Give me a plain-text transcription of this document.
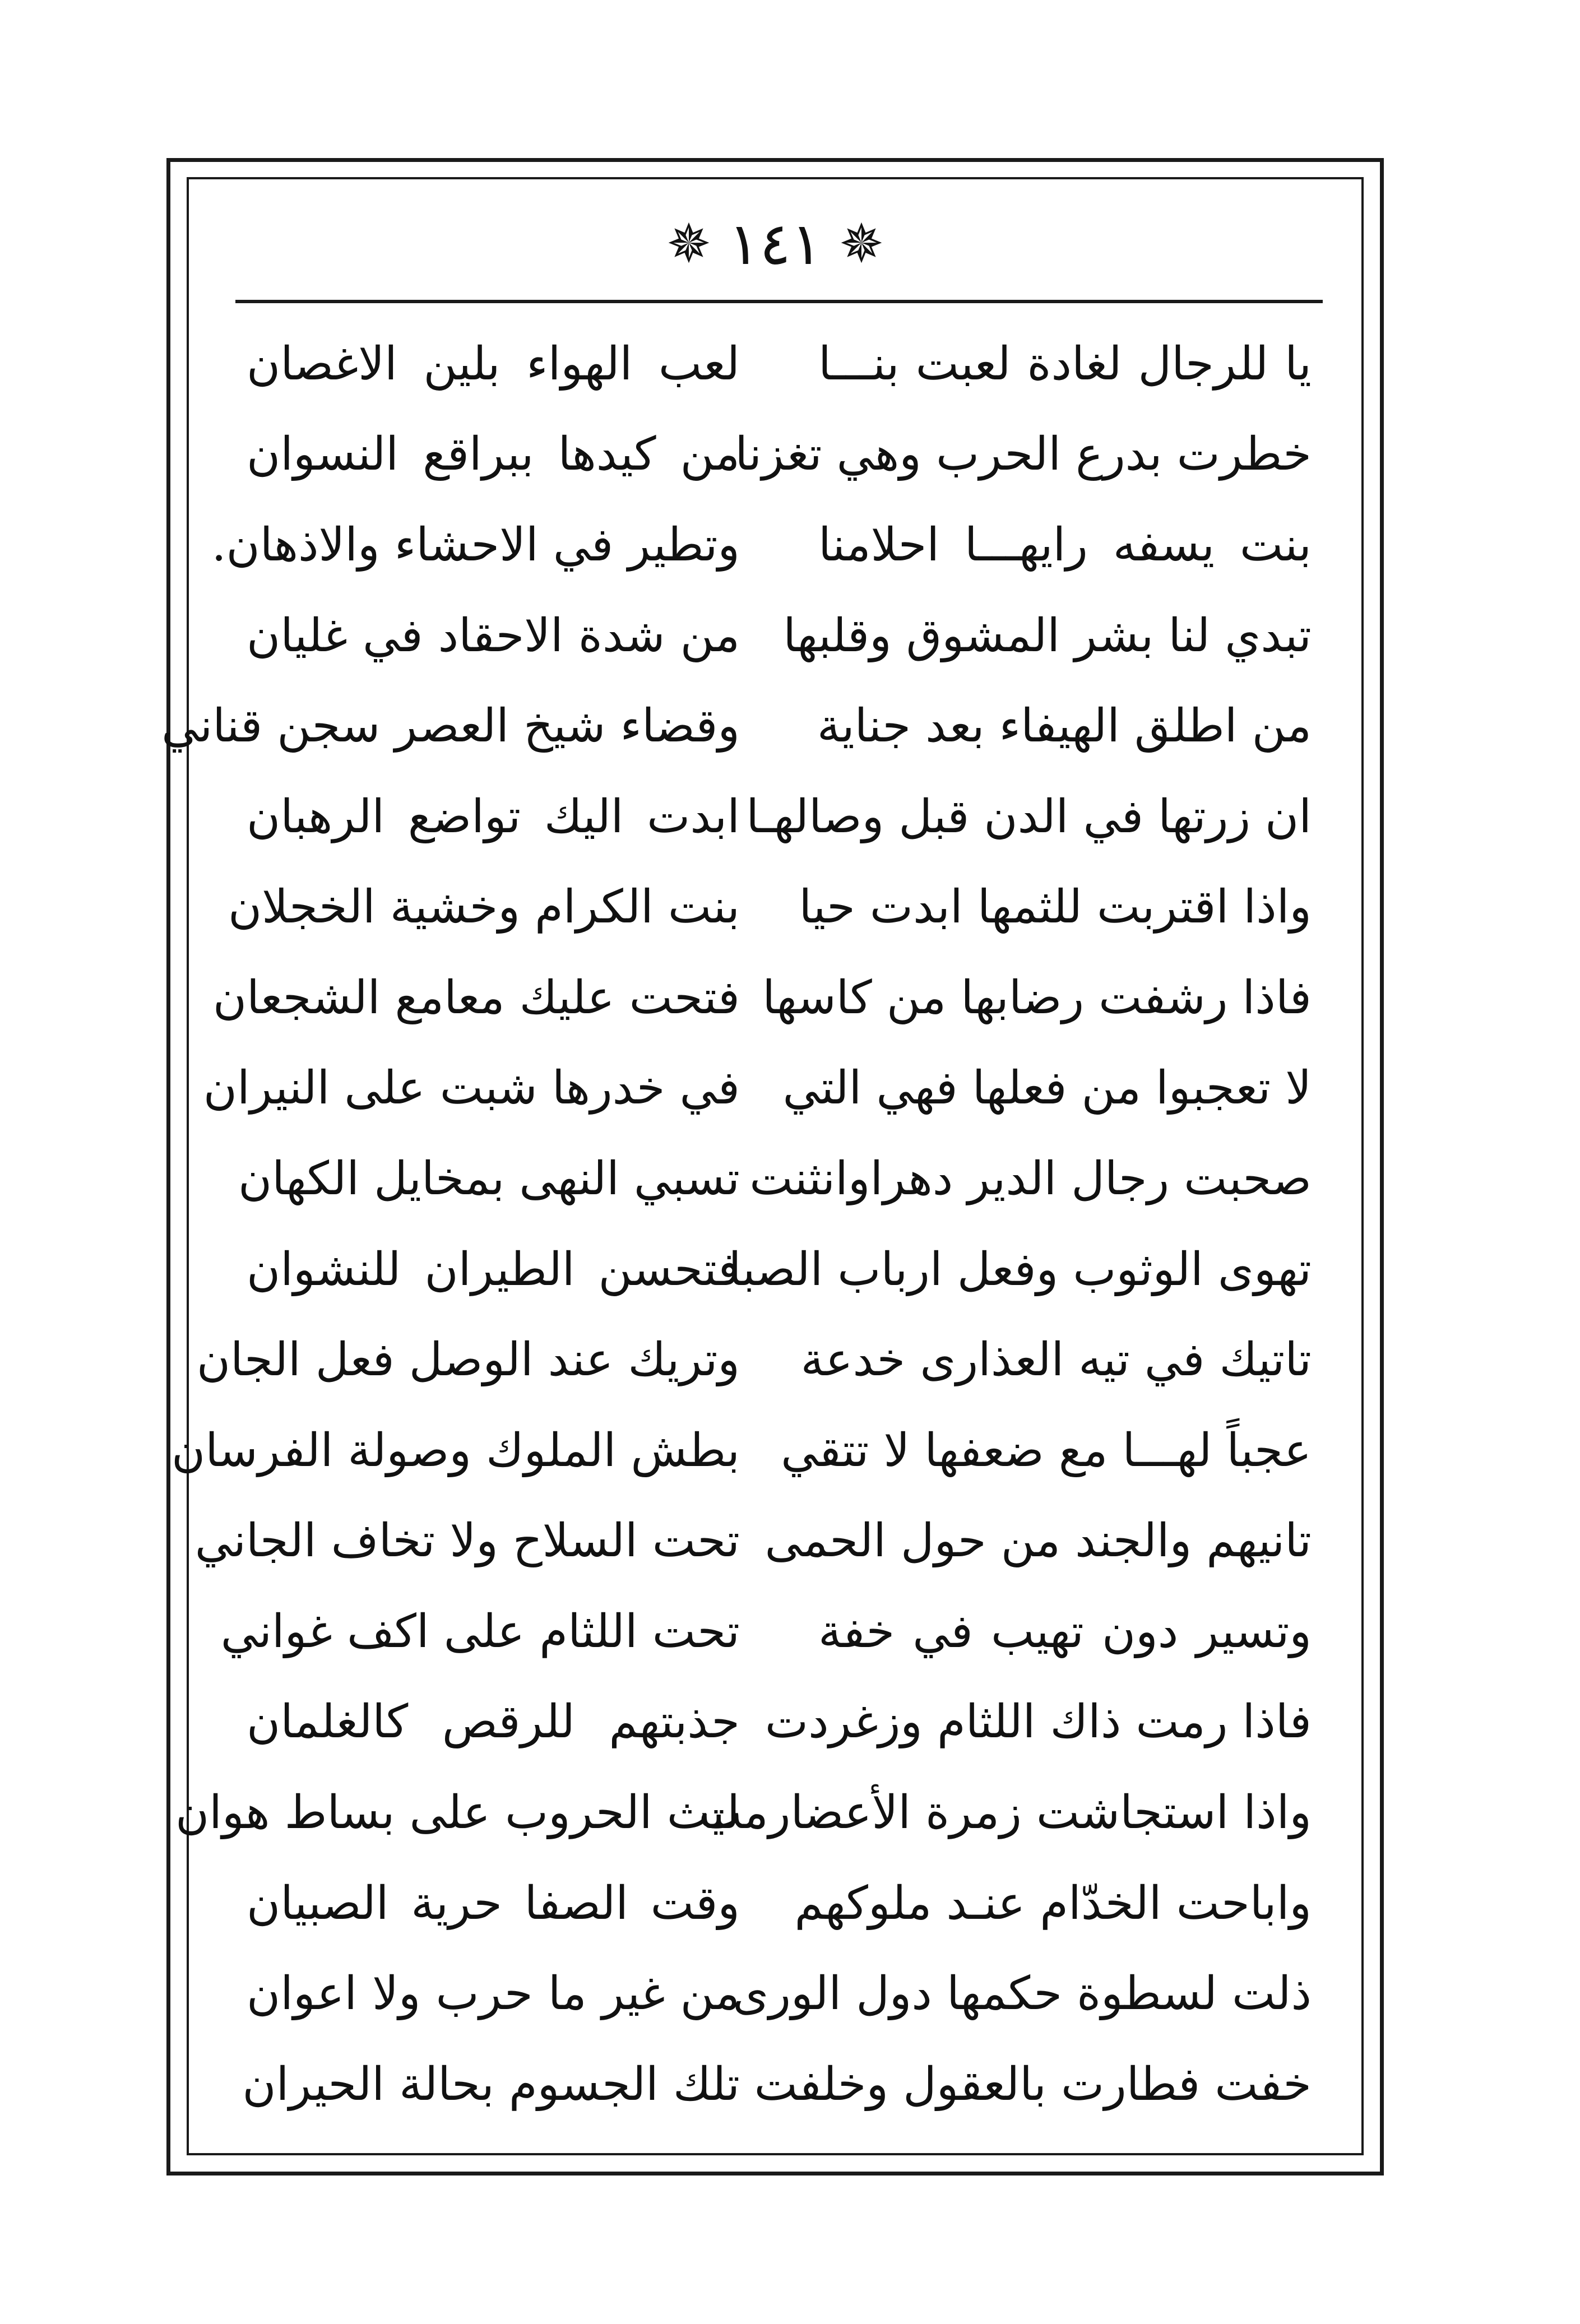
✵
١٤١
✵
يا للرجال لغادة لعبت بنـــا
لعب الهواء بلين الاغصان
خطرت بدرع الحرب وهي تغزنا
من كيدها ببراقع النسوان
بنت يسفه رايهـــا احلامنا
وتطير في الاحشاء والاذهان.
تبدي لنا بشر المشوق وقلبها
من شدة الاحقاد في غليان
من اطلق الهيفاء بعد جناية
وقضاء شيخ العصر سجن قناني
ان زرتها في الدن قبل وصالهـا
ابدت اليك تواضع الرهبان
واذا اقتربت للثمها ابدت حيا
بنت الكرام وخشية الخجلان
فاذا رشفت رضابها من كاسها
فتحت عليك معامع الشجعان
لا تعجبوا من فعلها فهي التي
في خدرها شبت على النيران
صحبت رجال الدير دهراوانثنت
تسبي النهى بمخايل الكهان
تهوى الوثوب وفعل ارباب الصبا
فتحسن الطيران للنشوان
تاتيك في تيه العذارى خدعة
وتريك عند الوصل فعل الجان
عجباً لهـــا مع ضعفها لا تتقي
بطش الملوك وصولة الفرسان
تانيهم والجند من حول الحمى
تحت السلاح ولا تخاف الجاني
وتسير دون تهيب في خفة
تحت اللثام على اكف غواني
فاذا رمت ذاك اللثام وزغردت
جذبتهم للرقص كالغلمان
واذا استجاشت زمرة الأعضارمت
ليث الحروب على بساط هوان
واباحت الخدّام عنـد ملوكهم
وقت الصفا حرية الصبيان
ذلت لسطوة حكمها دول الورى
من غير ما حرب ولا اعوان
خفت فطارت بالعقول وخلفت
تلك الجسوم بحالة الحيران
